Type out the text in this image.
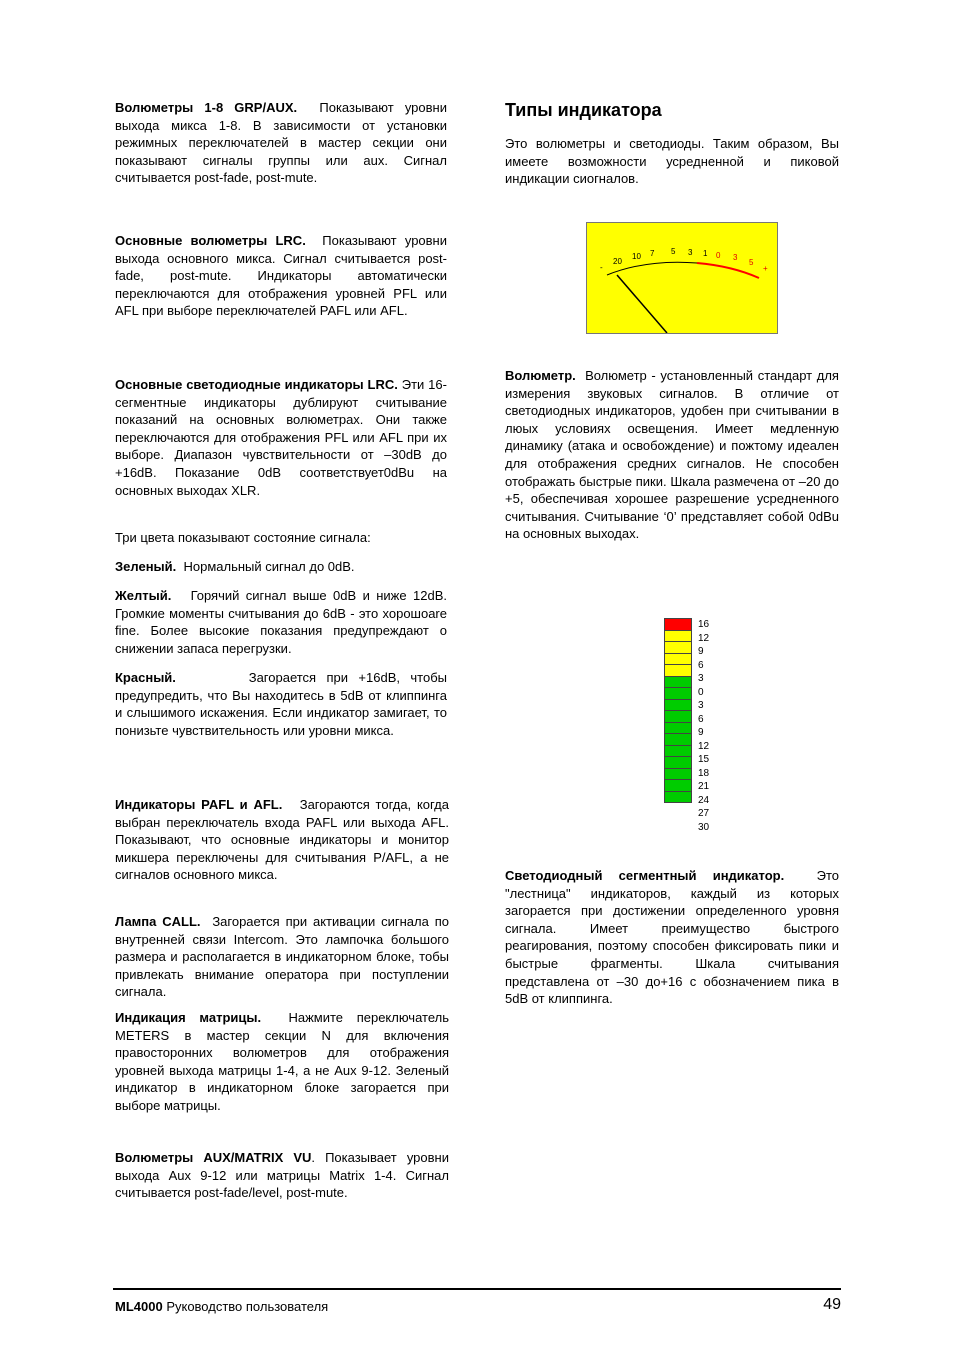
Волюметры 1-8 GRP/AUX. Показывают уровни выхода микса 1-8. В зависимости от установки режимных переключателей в мастер секции они показывают сигналы группы или aux. Сигнал считывается post-fade, post-mute.

Основные волюметры LRC. Показывают уровни выхода основного микса. Сигнал считывается post-fade, post-mute. Индикаторы автоматически переключаются для отображения уровней PFL или AFL при выборе переключателей PAFL или AFL.

Основные светодиодные индикаторы LRC. Эти 16-сегментные индикаторы дублируют считывание показаний на основных волюметрах. Они также переключаются для отображения PFL или AFL при их выборе. Диапазон чувствительности от –30dB до +16dB. Показание 0dB соответствует0dBu на основных выходах XLR.

Три цвета показывают состояние сигнала:

Зеленый. Нормальный сигнал до 0dB.

Желтый. Горячий сигнал выше 0dB и ниже 12dB. Громкие моменты считывания до 6dB - это хорошоare fine. Более высокие показания предупреждают о снижении запаса перегрузки.

Красный.	Загорается при +16dB, чтобы предупредить, что Вы находитесь в 5dB от клиппинга и слышимого искажения. Если индикатор замигает, то понизьте чувствительность или уровни микса.

Индикаторы PAFL и AFL. Загораются тогда, когда выбран переключатель входа PAFL или выхода AFL. Показывают, что основные индикаторы и монитор микшера переключены для считывания P/AFL, а не сигналов основного микса.

Лампа CALL. Загорается при активации сигнала по внутренней связи Intercom. Это лампочка большого размера и располагается в индикаторном блоке, тобы привлекать внимание оператора при поступлении сигнала.

Индикация матрицы. Нажмите переключатель METERS в мастер секции N для включения правосторонних волюметров для отображения уровней выхода матрицы 1-4, а не Aux 9-12. Зеленый индикатор в индикаторном блоке загорается при выборе матрицы.

Волюметры AUX/MATRIX VU. Показывает уровни выхода Aux 9-12 или матрицы Matrix 1-4. Сигнал считывается post-fade/level, post-mute.

Типы индикатора

Это волюметры и светодиоды. Таким образом, Вы имеете возможности усредненной и пиковой индикации сиогналов.

Волюметр. Волюметр - установленный стандарт для измерения звуковых сигналов. В отличие от светодиодных индикаторов, удобен при считывании в люых условиях освещения. Имеет медленную динамику (атака и освобождение) и пожтому идеален для отображения средних сигналов. Не способен отображать быстрые пики. Шкала размечена от –20 до +5, обеспечивая хорошее разрешение усредненного считывания. Считывание ‘0’ представляет собой 0dBu на основных выходах.

Светодиодный сегментный индикатор. Это "лестница" индикаторов, каждый из которых загорается при достижении определенного уровня сигнала. Имеет преимущество быстрого реагирования, поэтому способен фиксировать пики и быстрые фрагменты. Шкала считывания представлена от –30 до+16 с обозначением пика в 5dB от клиппинга.

-
20
10 7 5 3 1 0 3
5
+
16
12
9
6
3
0
3
6
9
12
15
18
21
24
27
30
ML4000 Руководство пользователя	49
